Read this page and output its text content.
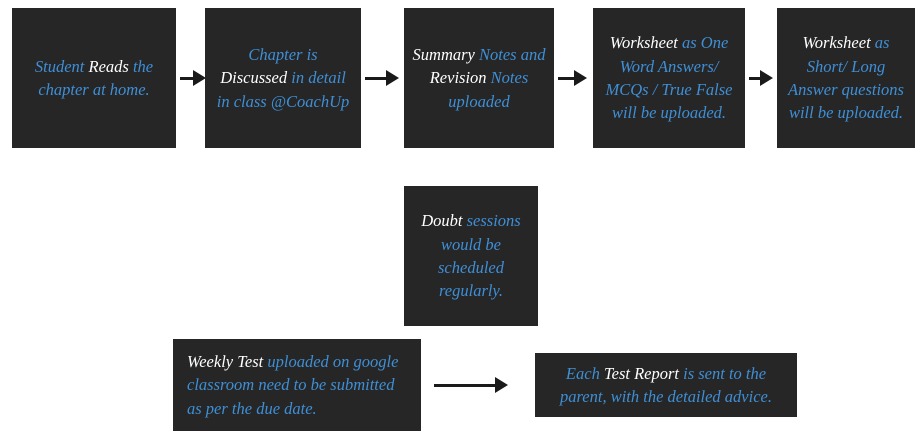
Student Reads the chapter at home.
Chapter is Discussed in detail in class @CoachUp
Summary Notes and Revision Notes uploaded
Worksheet as One Word Answers/ MCQs / True False will be uploaded.
Worksheet as Short/ Long Answer questions will be uploaded.
Doubt sessions would be scheduled regularly.
Weekly Test uploaded on google classroom need to be submitted as per the due date.
Each Test Report is sent to the parent, with the detailed advice.
